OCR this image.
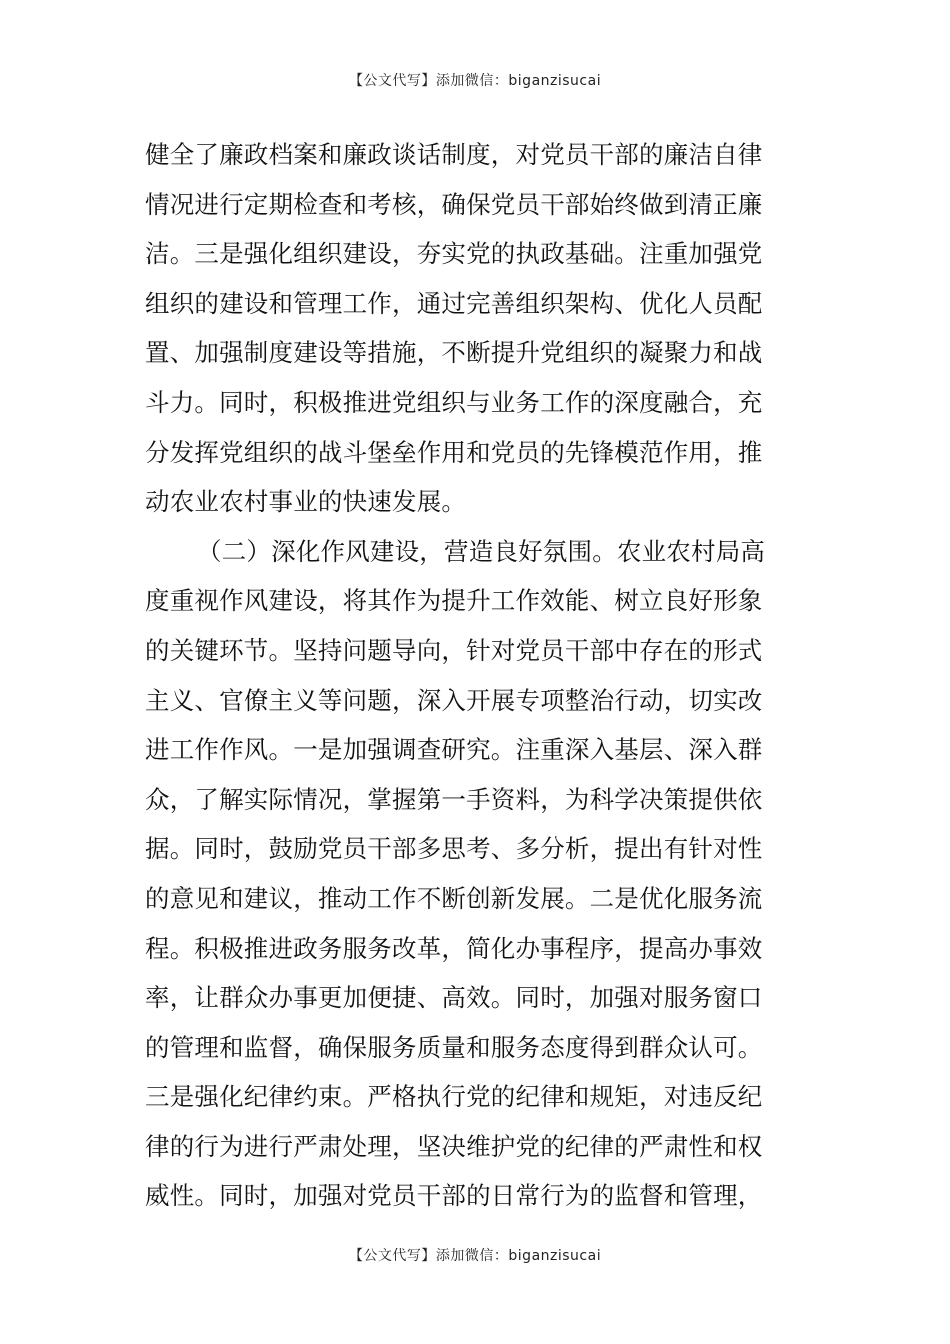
【公文代写】添加微信：biganzisucai
健全了廉政档案和廉政谈话制度，对党员干部的廉洁自律
情况进行定期检查和考核，确保党员干部始终做到清正廉
洁。三是强化组织建设，夯实党的执政基础。注重加强党
组织的建设和管理工作，通过完善组织架构、优化人员配
置、加强制度建设等措施，不断提升党组织的凝聚力和战
斗力。同时，积极推进党组织与业务工作的深度融合，充
分发挥党组织的战斗堡垒作用和党员的先锋模范作用，推
动农业农村事业的快速发展。
（二）深化作风建设，营造良好氛围。农业农村局高
度重视作风建设，将其作为提升工作效能、树立良好形象
的关键环节。坚持问题导向，针对党员干部中存在的形式
主义、官僚主义等问题，深入开展专项整治行动，切实改
进工作作风。一是加强调查研究。注重深入基层、深入群
众，了解实际情况，掌握第一手资料，为科学决策提供依
据。同时，鼓励党员干部多思考、多分析，提出有针对性
的意见和建议，推动工作不断创新发展。二是优化服务流
程。积极推进政务服务改革，简化办事程序，提高办事效
率，让群众办事更加便捷、高效。同时，加强对服务窗口
的管理和监督，确保服务质量和服务态度得到群众认可。
三是强化纪律约束。严格执行党的纪律和规矩，对违反纪
律的行为进行严肃处理，坚决维护党的纪律的严肃性和权
威性。同时，加强对党员干部的日常行为的监督和管理，
【公文代写】添加微信：biganzisucai
